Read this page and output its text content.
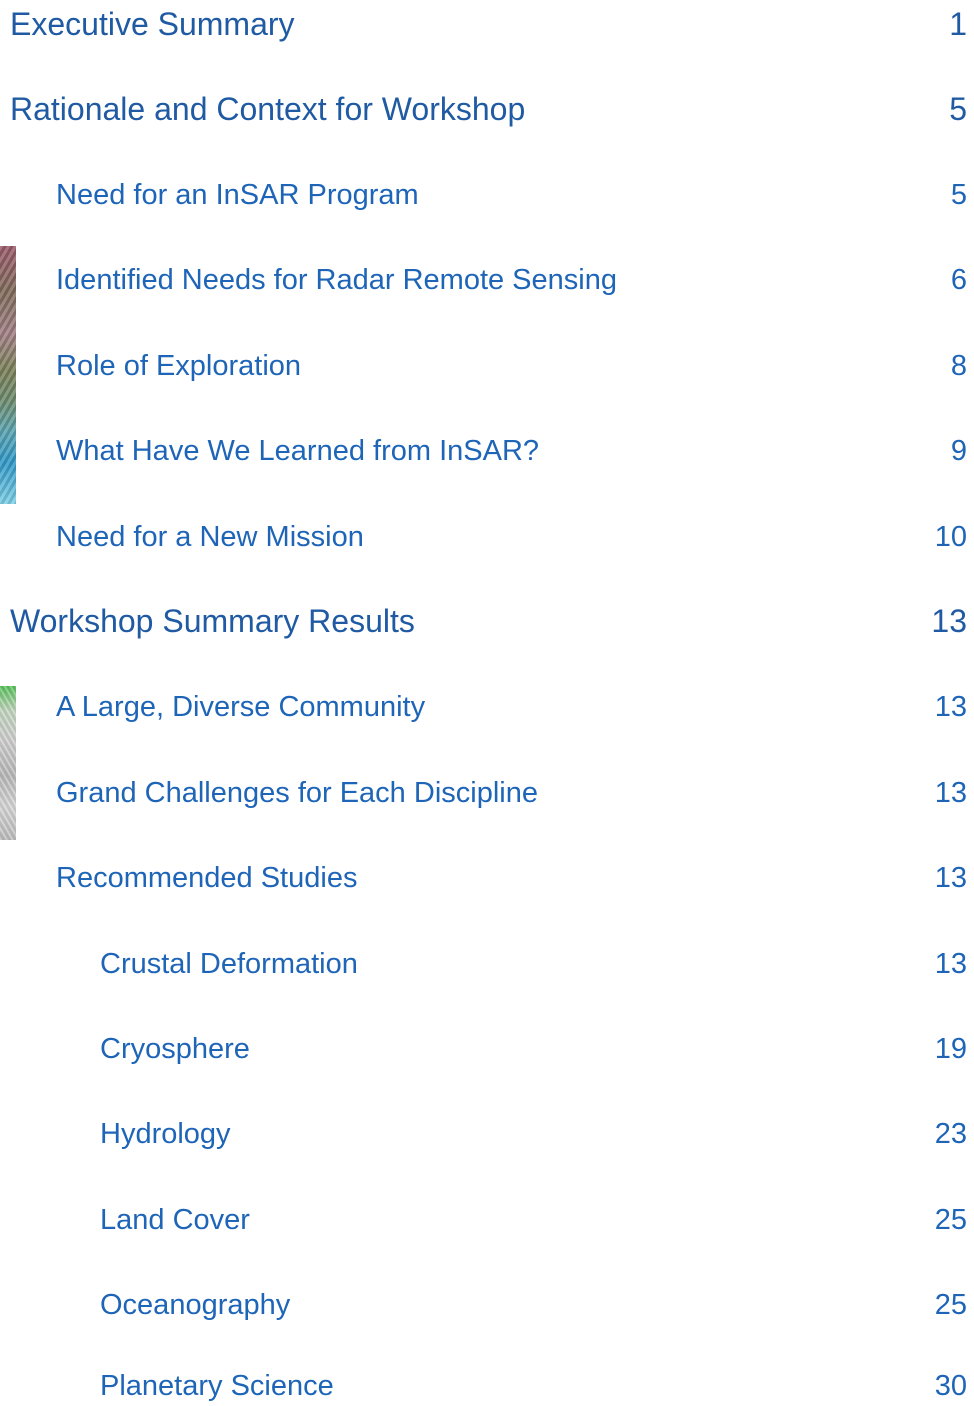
Executive Summary	1
Rationale and Context for Workshop	5
Need for an InSAR Program	5
Identified Needs for Radar Remote Sensing	6
Role of Exploration	8
What Have We Learned from InSAR?	9
Need for a New Mission	10
Workshop Summary Results	13
A Large, Diverse Community	13
Grand Challenges for Each Discipline	13
Recommended Studies	13
Crustal Deformation	13
Cryosphere	19
Hydrology	23
Land Cover	25
Oceanography	25
Planetary Science	30
